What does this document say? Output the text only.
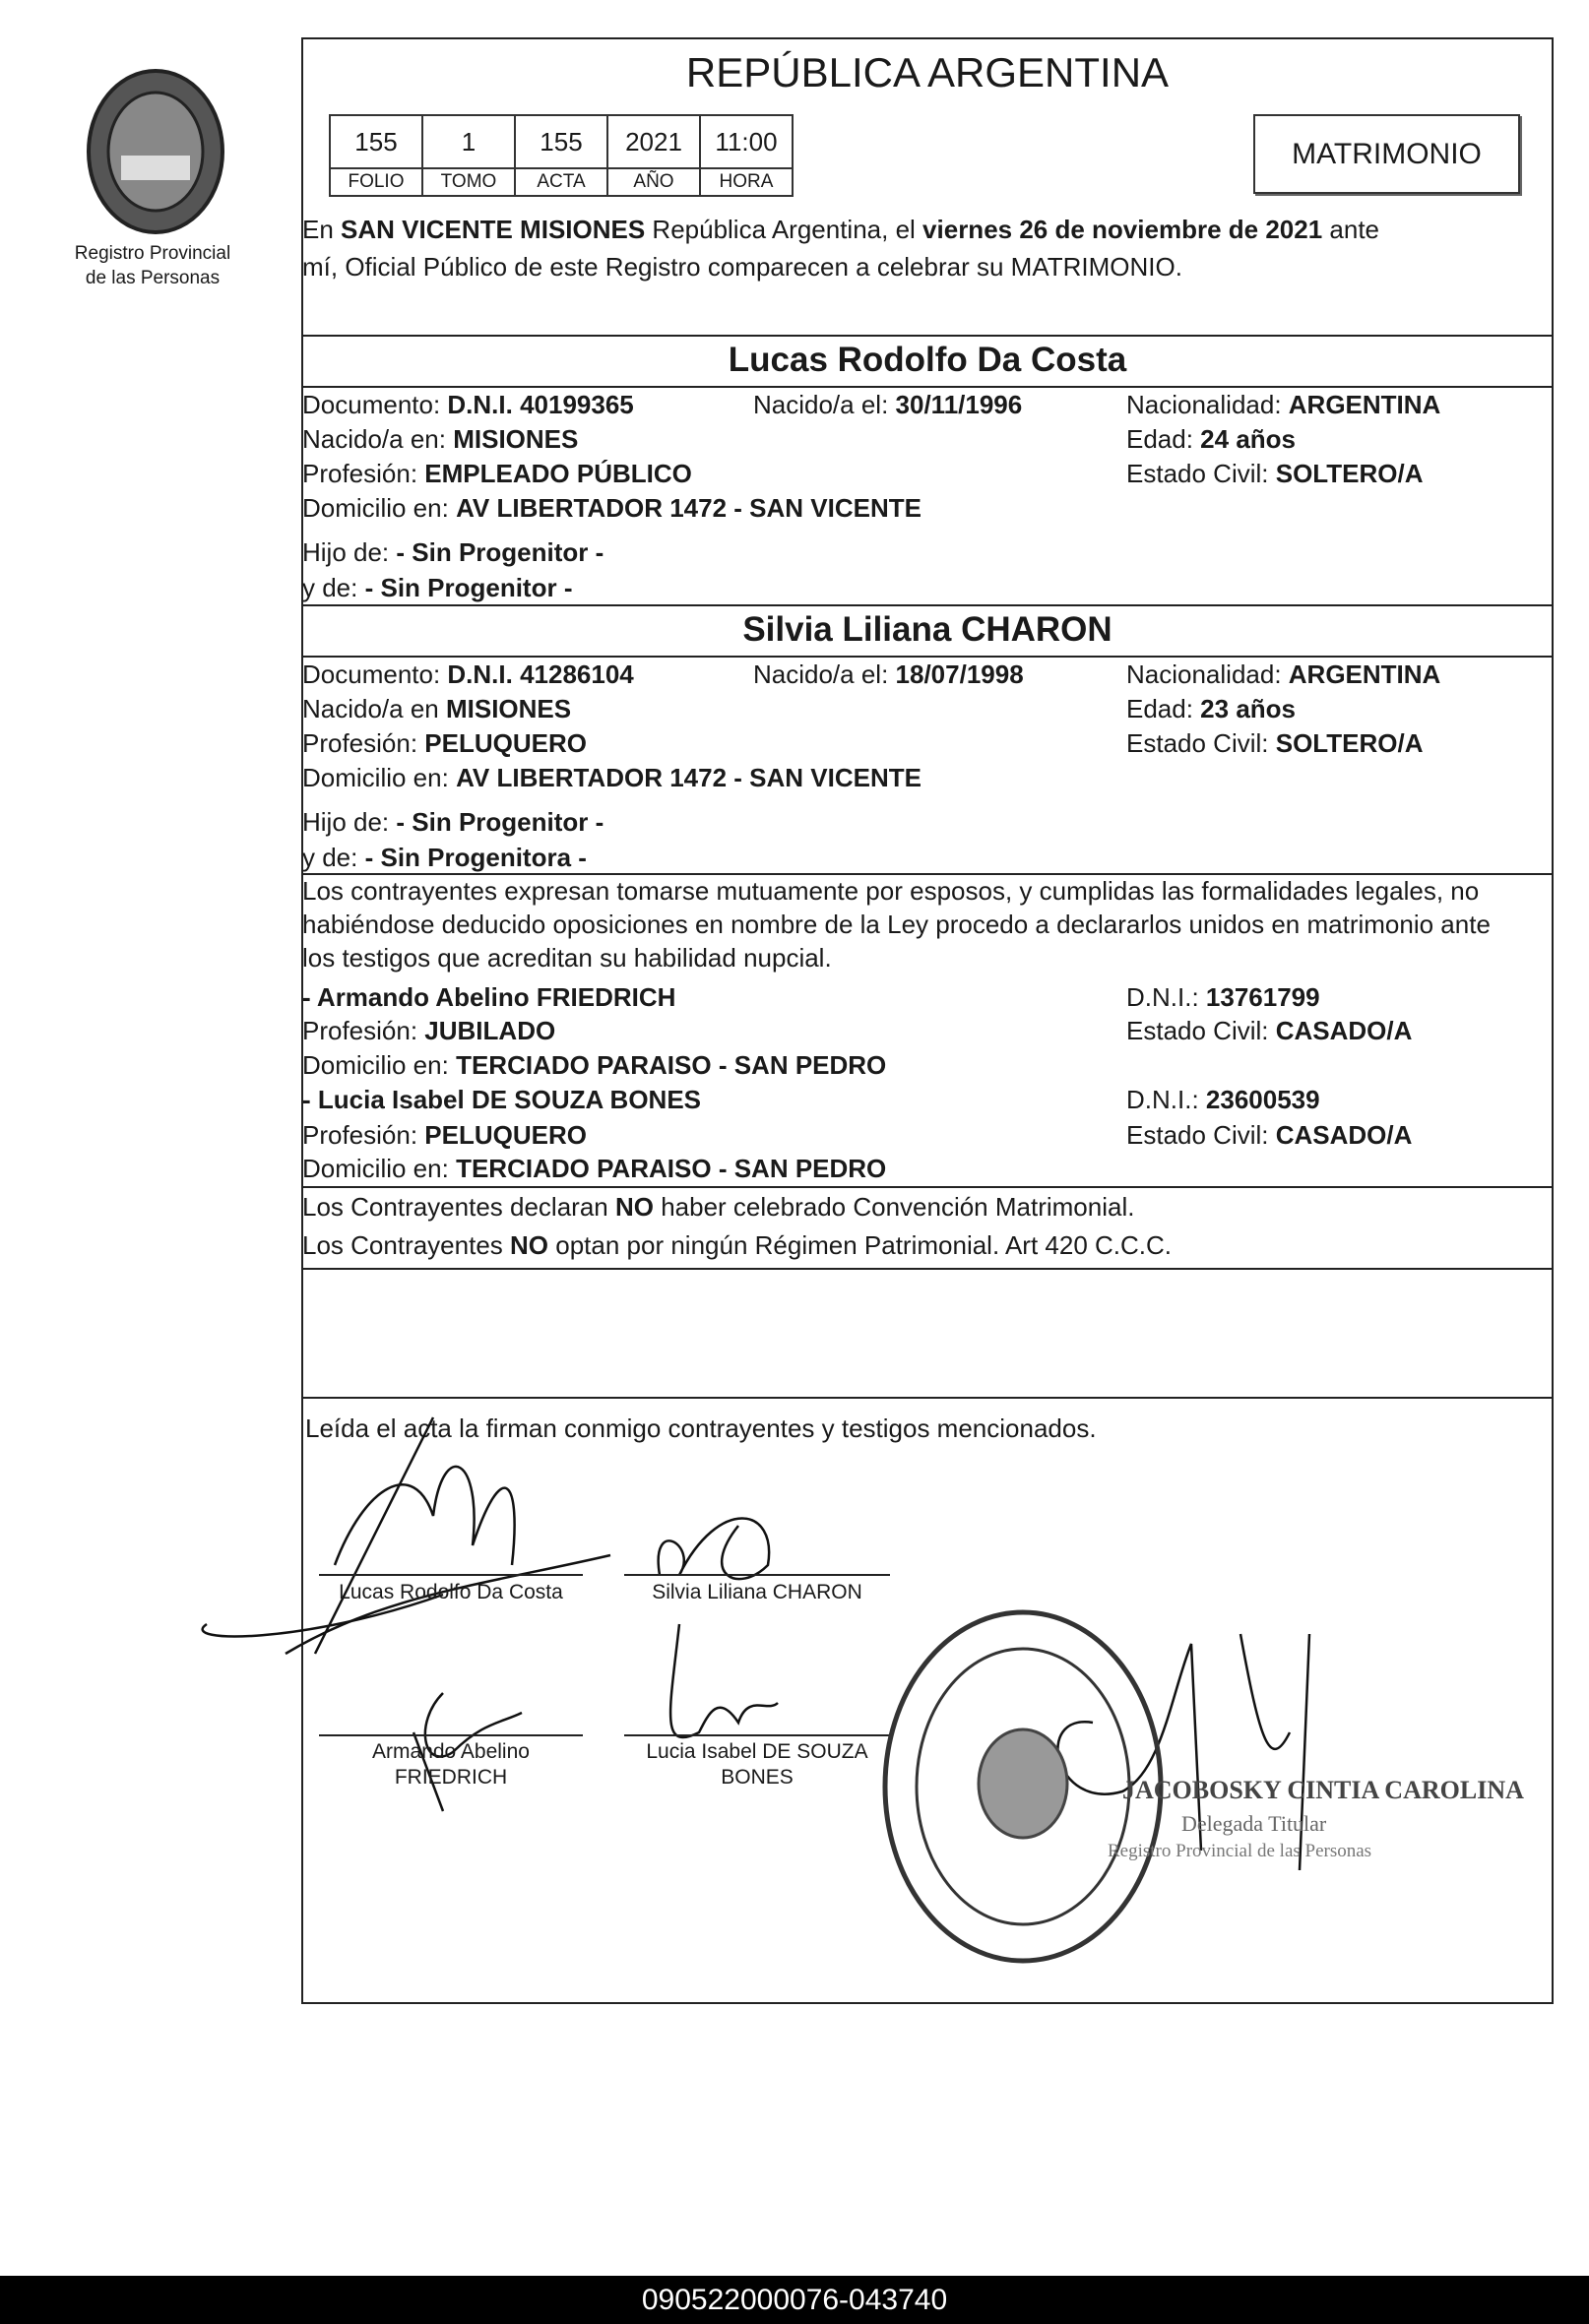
Registro Provincial
de las Personas
REPÚBLICA ARGENTINA
155	1	155	2021	11:00
FOLIO	TOMO	ACTA	AÑO	HORA
MATRIMONIO
En SAN VICENTE MISIONES República Argentina, el viernes 26 de noviembre de 2021 ante
mí, Oficial Público de este Registro comparecen a celebrar su MATRIMONIO.
Lucas Rodolfo Da Costa
Documento: D.N.I. 40199365	Nacido/a el: 30/11/1996	Nacionalidad: ARGENTINA
Nacido/a en: MISIONES	Edad: 24 años
Profesión: EMPLEADO PÚBLICO	Estado Civil: SOLTERO/A
Domicilio en: AV LIBERTADOR 1472 - SAN VICENTE
Hijo de: - Sin Progenitor -
y de: - Sin Progenitor -
Silvia Liliana CHARON
Documento: D.N.I. 41286104	Nacido/a el: 18/07/1998	Nacionalidad: ARGENTINA
Nacido/a en MISIONES	Edad: 23 años
Profesión: PELUQUERO	Estado Civil: SOLTERO/A
Domicilio en: AV LIBERTADOR 1472 - SAN VICENTE
Hijo de: - Sin Progenitor -
y de: - Sin Progenitora -
Los contrayentes expresan tomarse mutuamente por esposos, y cumplidas las formalidades legales, no
habiéndose deducido oposiciones en nombre de la Ley procedo a declararlos unidos en matrimonio ante
los testigos que acreditan su habilidad nupcial.
- Armando Abelino FRIEDRICH	D.N.I.: 13761799
Profesión: JUBILADO	Estado Civil: CASADO/A
Domicilio en: TERCIADO PARAISO - SAN PEDRO
- Lucia Isabel DE SOUZA BONES	D.N.I.: 23600539
Profesión: PELUQUERO	Estado Civil: CASADO/A
Domicilio en: TERCIADO PARAISO - SAN PEDRO
Los Contrayentes declaran NO haber celebrado Convención Matrimonial.
Los Contrayentes NO optan por ningún Régimen Patrimonial. Art 420 C.C.C.
Leída el acta la firman conmigo contrayentes y testigos mencionados.
Lucas Rodolfo Da Costa	Silvia Liliana CHARON
Armando Abelino
FRIEDRICH
Lucia Isabel DE SOUZA
BONES	JACOBOSKY CINTIA CAROLINA
Delegada Titular
Registro Provincial de las Personas
090522000076-043740
